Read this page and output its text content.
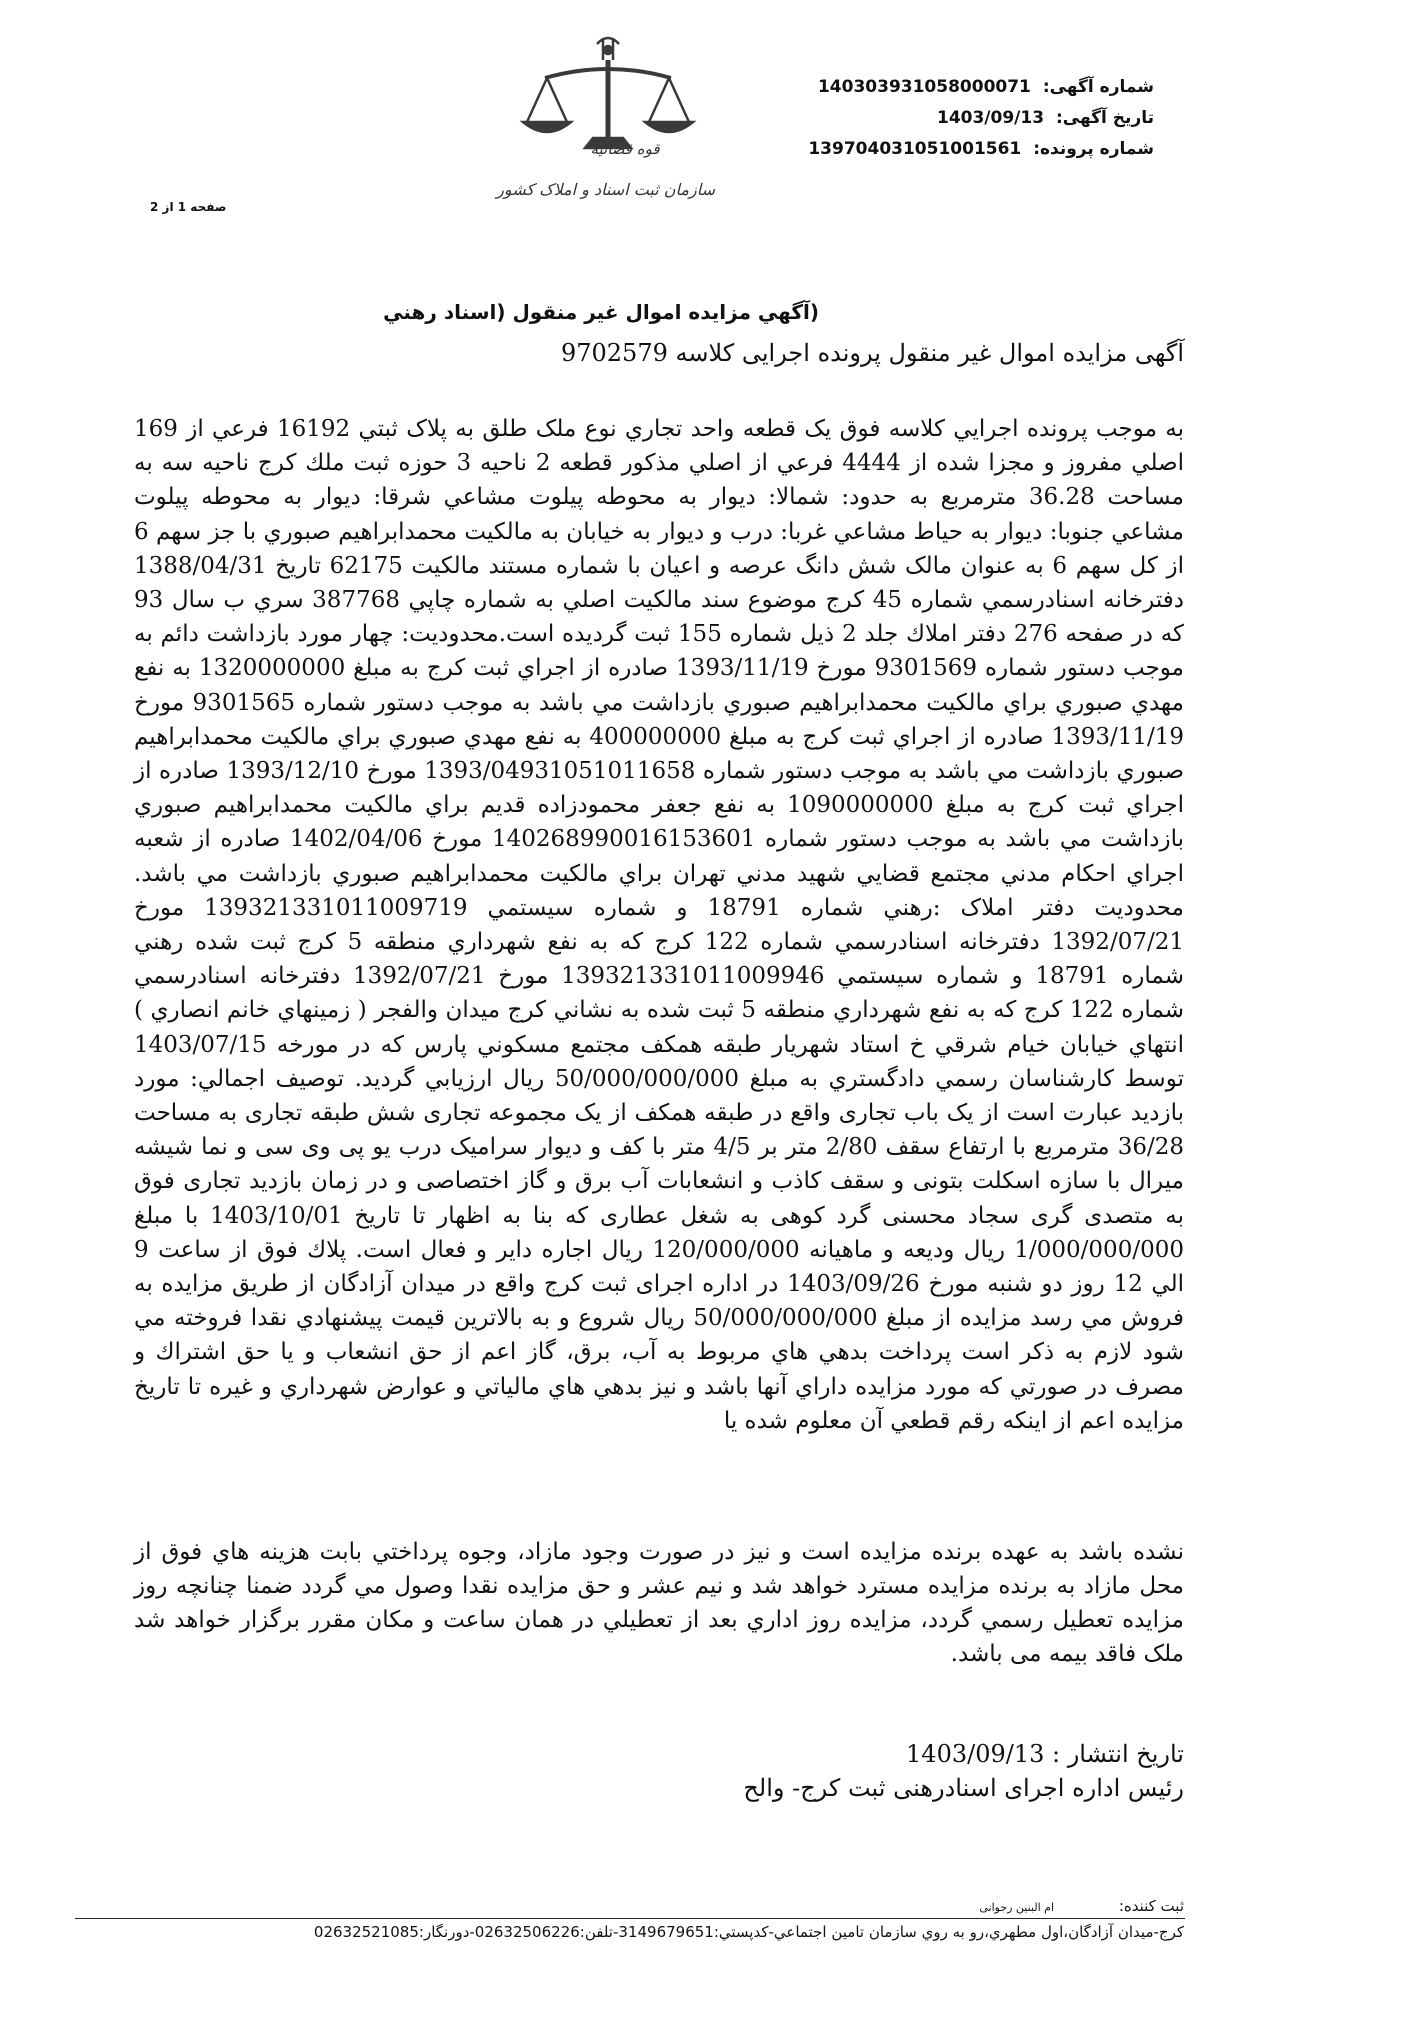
قوه قضائیه
سازمان ثبت اسناد و املاک کشور
شماره آگهی: 140303931058000071
تاریخ آگهی: 1403/09/13
شماره پرونده: 139704031051001561
صفحه 1 از 2
(آگهي مزايده اموال غير منقول (اسناد رهني
آگهی مزایده اموال غیر منقول پرونده اجرایی کلاسه 9702579
به موجب پرونده اجرايي كلاسه فوق يک قطعه واحد تجاري نوع ملک طلق به پلاک ثبتي 16192 فرعي از 169 اصلي مفروز و مجزا شده از 4444 فرعي از اصلي مذكور قطعه 2 ناحيه 3 حوزه ثبت ملك كرج ناحيه سه به مساحت 36.28 مترمربع به حدود: شمالا: ديوار به محوطه پيلوت مشاعي شرقا: ديوار به محوطه پيلوت مشاعي جنوبا: ديوار به حياط مشاعي غربا: درب و ديوار به خيابان به مالكيت محمدابراهيم صبوري با جز سهم 6 از كل سهم 6 به عنوان مالک شش دانگ عرصه و اعيان با شماره مستند مالكيت 62175 تاريخ 1388/04/31 دفترخانه اسنادرسمي شماره 45 كرج موضوع سند مالكيت اصلي به شماره چاپي 387768 سري ب سال 93 كه در صفحه 276 دفتر املاك جلد 2 ذيل شماره 155 ثبت گرديده است.محدوديت: چهار مورد بازداشت دائم به موجب دستور شماره 9301569 مورخ 1393/11/19 صادره از اجراي ثبت كرج به مبلغ 1320000000 به نفع مهدي صبوري براي مالكيت محمدابراهيم صبوري بازداشت مي باشد به موجب دستور شماره 9301565 مورخ 1393/11/19 صادره از اجراي ثبت كرج به مبلغ 400000000 به نفع مهدي صبوري براي مالكيت محمدابراهيم صبوري بازداشت مي باشد به موجب دستور شماره 1393/04931051011658 مورخ 1393/12/10 صادره از اجراي ثبت كرج به مبلغ 1090000000 به نفع جعفر محمودزاده قديم براي مالكيت محمدابراهيم صبوري بازداشت مي باشد به موجب دستور شماره 140268990016153601 مورخ 1402/04/06 صادره از شعبه اجراي احكام مدني مجتمع قضايي شهيد مدني تهران براي مالكيت محمدابراهيم صبوري بازداشت مي باشد. محدوديت دفتر املاک :رهني شماره 18791 و شماره سيستمي 139321331011009719 مورخ 1392/07/21 دفترخانه اسنادرسمي شماره 122 كرج كه به نفع شهرداري منطقه 5 كرج ثبت شده رهني شماره 18791 و شماره سيستمي 139321331011009946 مورخ 1392/07/21 دفترخانه اسنادرسمي شماره 122 كرج كه به نفع شهرداري منطقه 5 ثبت شده به نشاني كرج ميدان والفجر ( زمينهاي خانم انصاري ) انتهاي خيابان خيام شرقي خ استاد شهريار طبقه همكف مجتمع مسكوني پارس كه در مورخه 1403/07/15 توسط كارشناسان رسمي دادگستري به مبلغ 50/000/000/000 ريال ارزيابي گرديد. توصيف اجمالي: مورد بازديد عبارت است از يک باب تجاری واقع در طبقه همكف از يک مجموعه تجاری شش طبقه تجاری به مساحت 36/28 مترمربع با ارتفاع سقف 2/80 متر بر 4/5 متر با كف و ديوار سراميک درب يو پی وی سی و نما شيشه ميرال با سازه اسكلت بتونی و سقف كاذب و انشعابات آب برق و گاز اختصاصی و در زمان بازديد تجاری فوق به متصدی گری سجاد محسنی گرد كوهی به شغل عطاری كه بنا به اظهار تا تاريخ 1403/10/01 با مبلغ 1/000/000/000 ريال وديعه و ماهيانه 120/000/000 ريال اجاره داير و فعال است. پلاك فوق از ساعت 9 الي 12 روز دو شنبه مورخ 1403/09/26 در اداره اجراى ثبت كرج واقع در ميدان آزادگان از طريق مزايده به فروش مي رسد مزايده از مبلغ 50/000/000/000 ريال شروع و به بالاترين قيمت پيشنهادي نقدا فروخته مي شود لازم به ذكر است پرداخت بدهي هاي مربوط به آب، برق، گاز اعم از حق انشعاب و يا حق اشتراك و مصرف در صورتي كه مورد مزايده داراي آنها باشد و نيز بدهي هاي مالياتي و عوارض شهرداري و غيره تا تاريخ مزايده اعم از اينكه رقم قطعي آن معلوم شده يا
نشده باشد به عهده برنده مزايده است و نيز در صورت وجود مازاد، وجوه پرداختي بابت هزينه هاي فوق از محل مازاد به برنده مزايده مسترد خواهد شد و نيم عشر و حق مزايده نقدا وصول مي گردد ضمنا چنانچه روز مزايده تعطيل رسمي گردد، مزايده روز اداري بعد از تعطيلي در همان ساعت و مكان مقرر برگزار خواهد شد ملک فاقد بيمه می باشد.
تاریخ انتشار : 1403/09/13
رئیس اداره اجرای اسنادرهنی ثبت کرج- والح
ثبت كننده: ام البنين رجوانی
كرج-ميدان آزادگان،اول مطهري،رو به روي سازمان تامين اجتماعي-كدپستي:3149679651-تلفن:02632506226-دورنگار:02632521085
